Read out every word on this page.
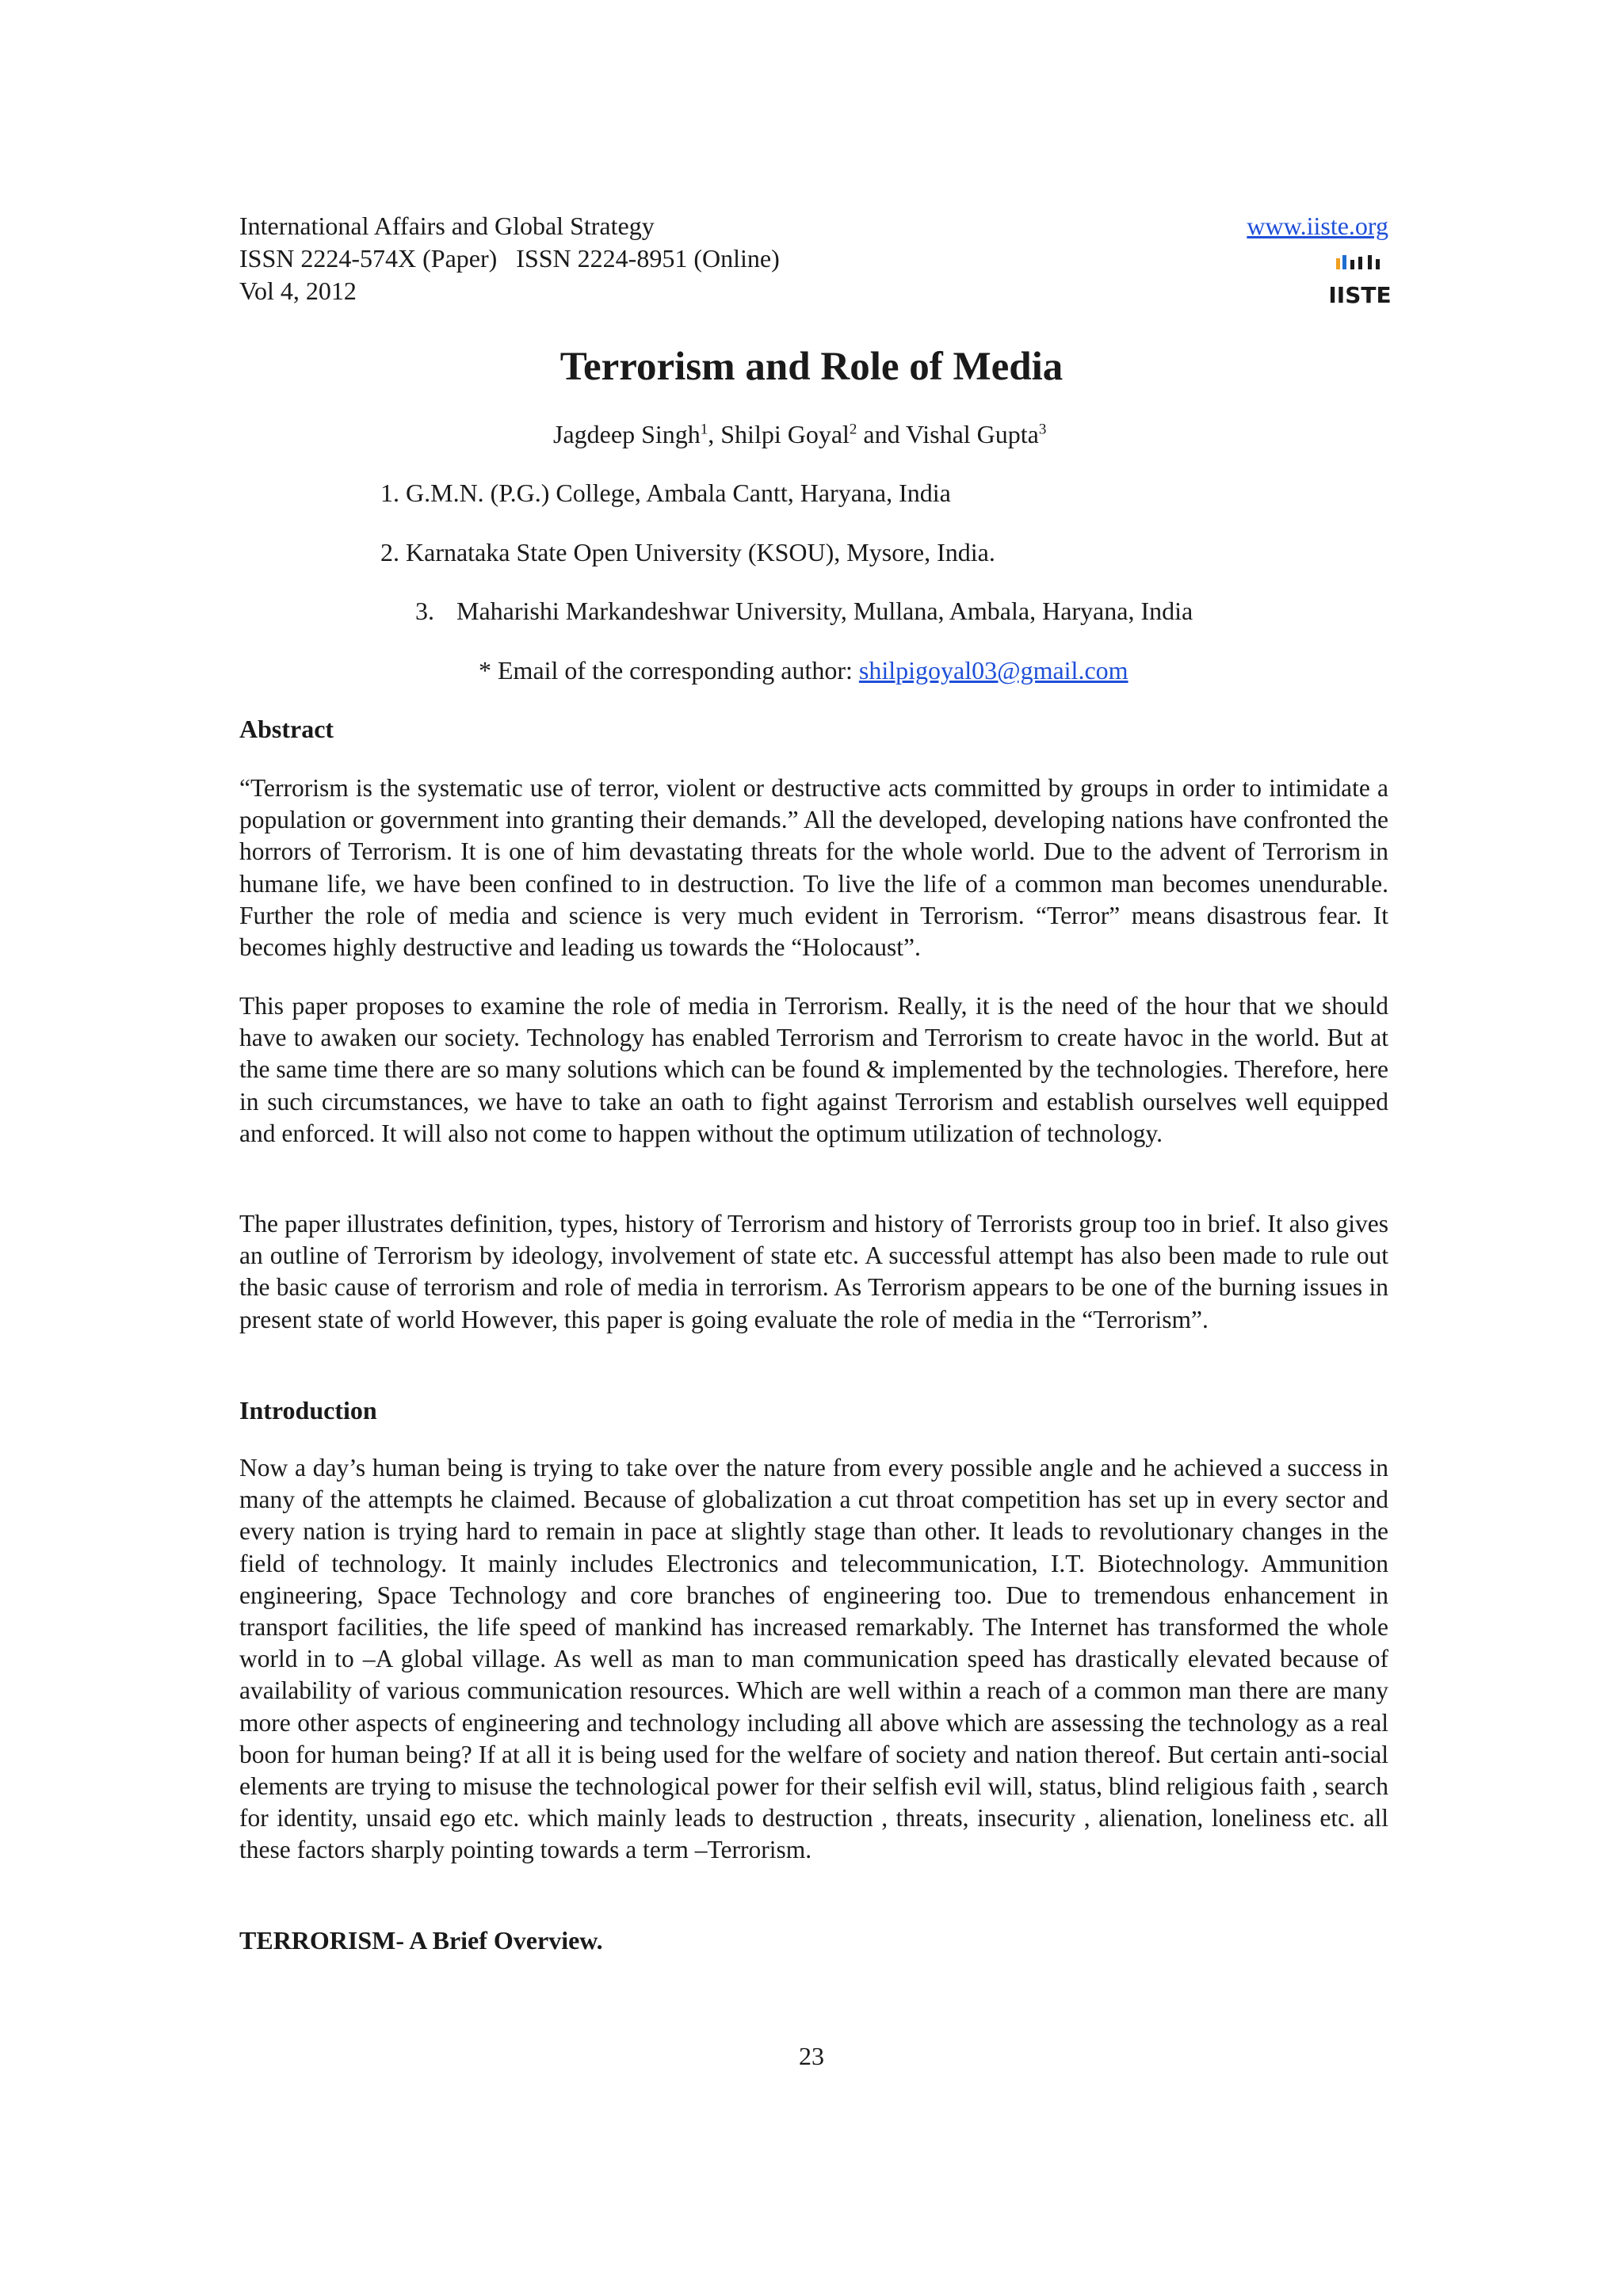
International Affairs and Global Strategy
ISSN 2224-574X (Paper) ISSN 2224-8951 (Online)
Vol 4, 2012
www.iiste.org
IISTE
Terrorism and Role of Media
Jagdeep Singh$^1$, Shilpi Goyal$^2$ and Vishal Gupta$^3$
1. G.M.N. (P.G.) College, Ambala Cantt, Haryana, India
2. Karnataka State Open University (KSOU), Mysore, India.
3. Maharishi Markandeshwar University, Mullana, Ambala, Haryana, India
* Email of the corresponding author: shilpigoyal03@gmail.com
Abstract

“Terrorism is the systematic use of terror, violent or destructive acts committed by groups in order to intimidate a population or government into granting their demands.” All the developed, developing nations have confronted the horrors of Terrorism. It is one of him devastating threats for the whole world. Due to the advent of Terrorism in humane life, we have been confined to in destruction. To live the life of a common man becomes unendurable. Further the role of media and science is very much evident in Terrorism. “Terror” means disastrous fear. It becomes highly destructive and leading us towards the “Holocaust”.

This paper proposes to examine the role of media in Terrorism. Really, it is the need of the hour that we should have to awaken our society. Technology has enabled Terrorism and Terrorism to create havoc in the world. But at the same time there are so many solutions which can be found & implemented by the technologies. Therefore, here in such circumstances, we have to take an oath to fight against Terrorism and establish ourselves well equipped and enforced. It will also not come to happen without the optimum utilization of technology.

The paper illustrates definition, types, history of Terrorism and history of Terrorists group too in brief. It also gives an outline of Terrorism by ideology, involvement of state etc. A successful attempt has also been made to rule out the basic cause of terrorism and role of media in terrorism. As Terrorism appears to be one of the burning issues in present state of world However, this paper is going evaluate the role of media in the “Terrorism”.

Introduction

Now a day’s human being is trying to take over the nature from every possible angle and he achieved a success in many of the attempts he claimed. Because of globalization a cut throat competition has set up in every sector and every nation is trying hard to remain in pace at slightly stage than other. It leads to revolutionary changes in the field of technology. It mainly includes Electronics and telecommunication, I.T. Biotechnology. Ammunition engineering, Space Technology and core branches of engineering too. Due to tremendous enhancement in transport facilities, the life speed of mankind has increased remarkably. The Internet has transformed the whole world in to –A global village. As well as man to man communication speed has drastically elevated because of availability of various communication resources. Which are well within a reach of a common man there are many more other aspects of engineering and technology including all above which are assessing the technology as a real boon for human being? If at all it is being used for the welfare of society and nation thereof. But certain anti-social elements are trying to misuse the technological power for their selfish evil will, status, blind religious faith , search for identity, unsaid ego etc. which mainly leads to destruction , threats, insecurity , alienation, loneliness etc. all these factors sharply pointing towards a term –Terrorism.

TERRORISM- A Brief Overview.
23
